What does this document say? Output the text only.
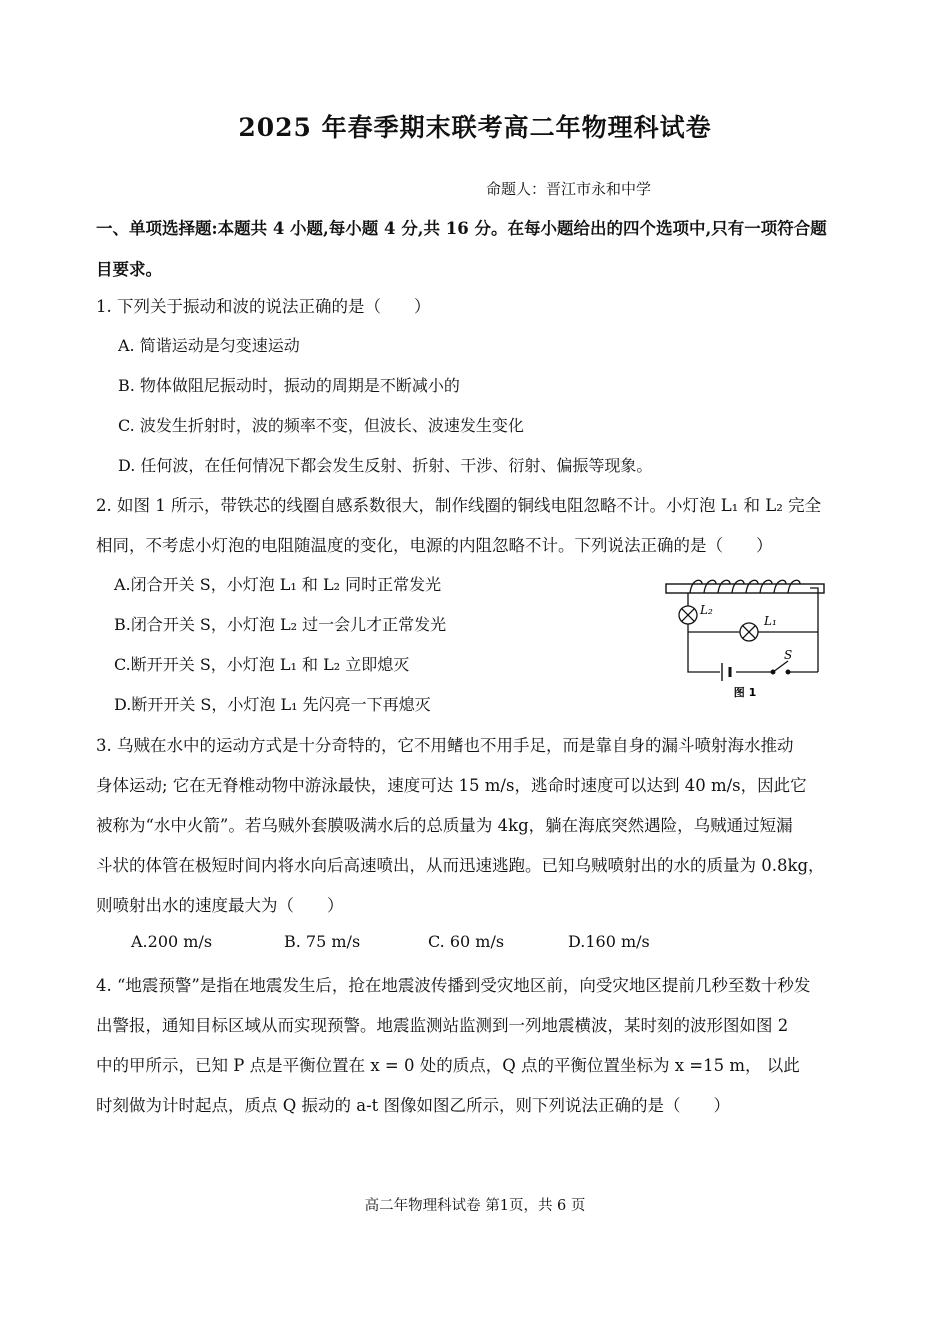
2025 年春季期末联考高二年物理科试卷
命题人：晋江市永和中学
一、单项选择题:本题共 4 小题,每小题 4 分,共 16 分。在每小题给出的四个选项中,只有一项符合题
目要求。
1. 下列关于振动和波的说法正确的是（　　）
A. 简谐运动是匀变速运动
B. 物体做阻尼振动时，振动的周期是不断减小的
C. 波发生折射时，波的频率不变，但波长、波速发生变化
D. 任何波，在任何情况下都会发生反射、折射、干涉、衍射、偏振等现象。
2. 如图 1 所示，带铁芯的线圈自感系数很大，制作线圈的铜线电阻忽略不计。小灯泡 L₁ 和 L₂ 完全
相同，不考虑小灯泡的电阻随温度的变化，电源的内阻忽略不计。下列说法正确的是（　　）
A.闭合开关 S，小灯泡 L₁ 和 L₂ 同时正常发光
B.闭合开关 S，小灯泡 L₂ 过一会儿才正常发光
C.断开开关 S，小灯泡 L₁ 和 L₂ 立即熄灭
D.断开开关 S，小灯泡 L₁ 先闪亮一下再熄灭
L₂
L₁
S
图 1
3. 乌贼在水中的运动方式是十分奇特的，它不用鳍也不用手足，而是靠自身的漏斗喷射海水推动
身体运动; 它在无脊椎动物中游泳最快，速度可达 15 m/s，逃命时速度可以达到 40 m/s，因此它
被称为“水中火箭”。若乌贼外套膜吸满水后的总质量为 4kg，躺在海底突然遇险，乌贼通过短漏
斗状的体管在极短时间内将水向后高速喷出，从而迅速逃跑。已知乌贼喷射出的水的质量为 0.8kg，
则喷射出水的速度最大为（　　）
A.200 m/s	B. 75 m/s	C. 60 m/s	D.160 m/s
4. “地震预警”是指在地震发生后，抢在地震波传播到受灾地区前，向受灾地区提前几秒至数十秒发
出警报，通知目标区域从而实现预警。地震监测站监测到一列地震横波，某时刻的波形图如图 2
中的甲所示，已知 P 点是平衡位置在 x = 0 处的质点，Q 点的平衡位置坐标为 x =15 m， 以此
时刻做为计时起点，质点 Q 振动的 a-t 图像如图乙所示，则下列说法正确的是（　　）
高二年物理科试卷 第1页，共 6 页
